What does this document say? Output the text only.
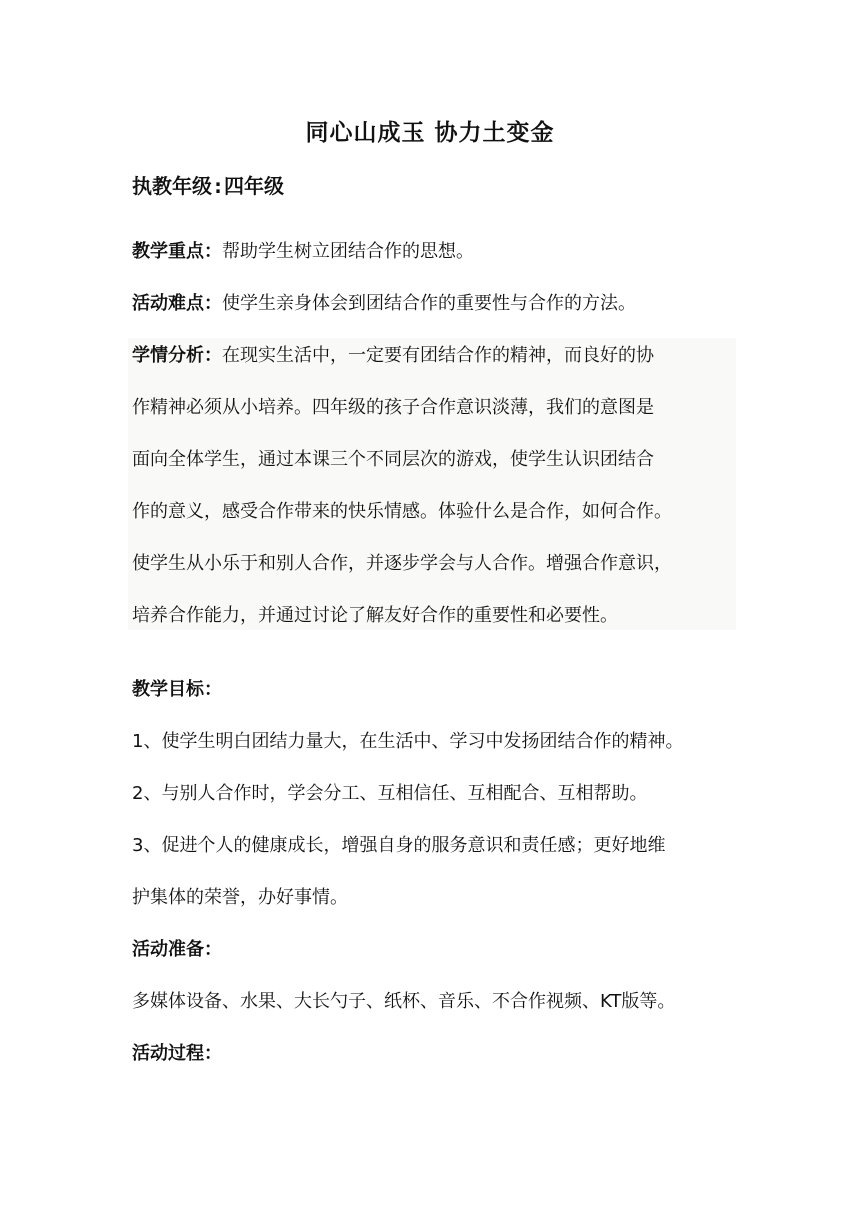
同心山成玉 协力土变金
执教年级:四年级
教学重点：帮助学生树立团结合作的思想。
活动难点：使学生亲身体会到团结合作的重要性与合作的方法。
学情分析：在现实生活中，一定要有团结合作的精神，而良好的协
作精神必须从小培养。四年级的孩子合作意识淡薄，我们的意图是
面向全体学生，通过本课三个不同层次的游戏，使学生认识团结合
作的意义，感受合作带来的快乐情感。体验什么是合作，如何合作。
使学生从小乐于和别人合作，并逐步学会与人合作。增强合作意识，
培养合作能力，并通过讨论了解友好合作的重要性和必要性。
教学目标：
1、使学生明白团结力量大，在生活中、学习中发扬团结合作的精神。
2、与别人合作时，学会分工、互相信任、互相配合、互相帮助。
3、促进个人的健康成长，增强自身的服务意识和责任感；更好地维
护集体的荣誉，办好事情。
活动准备：
多媒体设备、水果、大长勺子、纸杯、音乐、不合作视频、KT版等。
活动过程：
